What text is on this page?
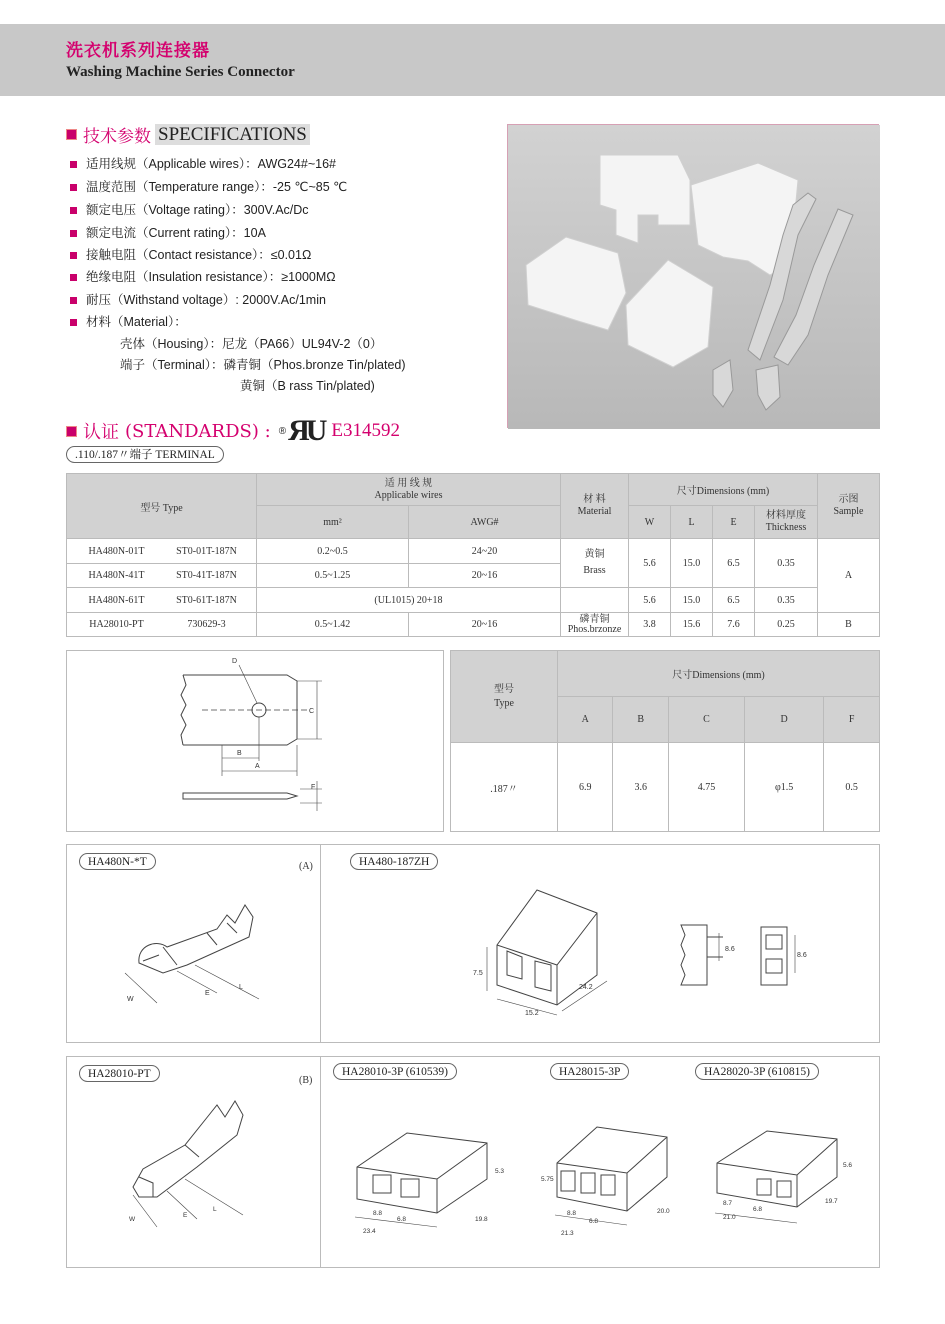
洗衣机系列连接器
Washing Machine Series Connector
技术参数 SPECIFICATIONS
适用线规（Applicable wires）：AWG24#~16#
温度范围（Temperature range）：-25 ℃~85 ℃
额定电压（Voltage rating）：300V.Ac/Dc
额定电流（Current rating）：10A
接触电阻（Contact resistance）：≤0.01Ω
绝缘电阻（Insulation resistance）：≥1000MΩ
耐压（Withstand voltage）: 2000V.Ac/1min
材料（Material）：
壳体（Housing）：尼龙（PA66）UL94V-2（0）
端子（Terminal）：磷青铜（Phos.bronze Tin/plated)
黄铜（B rass Tin/plated)
认证 (STANDARDS) : ®ЯU E314592
.110/.187〃端子 TERMINAL
型号 Type	适 用 线 规
Applicable wires		材 料
Material	尺寸Dimensions (mm)				示图
Sample
	mm²	AWG#		W	L	E	材料厚度
Thickness	
HA480N-01T ST0-01T-187N	0.2~0.5	24~20	黄铜
Brass	5.6	15.0	6.5	0.35	A
HA480N-41T ST0-41T-187N	0.5~1.25	20~16						
HA480N-61T ST0-61T-187N	(UL1015) 20+18			5.6	15.0	6.5	0.35	
HA28010-PT 730629-3	0.5~1.42	20~16	磷青铜
Phos.brzonze	3.8	15.6	7.6	0.25	B
D
C
B
A
F
型号
Type	尺寸Dimensions (mm)				
	A	B	C	D	F
.187〃	6.9	3.6	4.75	φ1.5	0.5
HA480N-*T	(A)	HA480-187ZH
W
E
L
7.5
15.2
24.2
8.6
8.6
HA28010-PT
(B)
HA28010-3P (610539)	HA28015-3P	HA28020-3P (610815)
W
E
L
8.8
6.8
23.4
19.8
5.3
5.75
8.8
6.8
21.3
20.0
8.7
6.8
21.0
19.7
5.6
